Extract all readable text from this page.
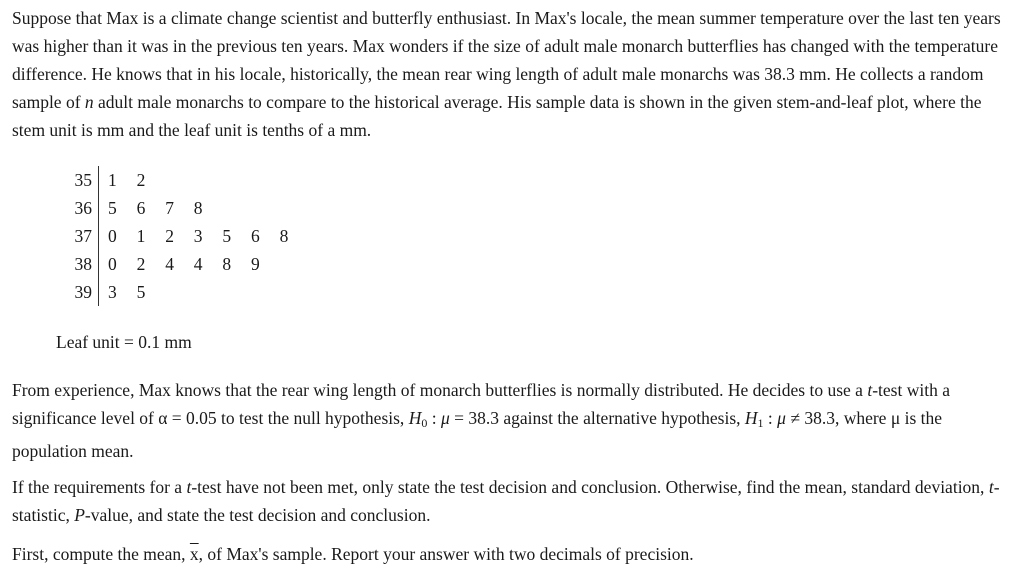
Suppose that Max is a climate change scientist and butterfly enthusiast. In Max's locale, the mean summer temperature over the last ten years was higher than it was in the previous ten years. Max wonders if the size of adult male monarch butterflies has changed with the temperature difference. He knows that in his locale, historically, the mean rear wing length of adult male monarchs was 38.3 mm. He collects a random sample of n adult male monarchs to compare to the historical average. His sample data is shown in the given stem-and-leaf plot, where the stem unit is mm and the leaf unit is tenths of a mm.

35 1 2
36 5 6 7 8
37 0 1 2 3 5 6 8
38 0 2 4 4 8 9
39 3 5
Leaf unit = 0.1 mm

From experience, Max knows that the rear wing length of monarch butterflies is normally distributed. He decides to use a t-test with a significance level of α = 0.05 to test the null hypothesis, $H_0$ : μ = 38.3 against the alternative hypothesis, $H_1$ : μ ≠ 38.3, where μ is the population mean.

If the requirements for a t-test have not been met, only state the test decision and conclusion. Otherwise, find the mean, standard deviation, t-statistic, P-value, and state the test decision and conclusion.

First, compute the mean, $\overline{x}$, of Max's sample. Report your answer with two decimals of precision.
